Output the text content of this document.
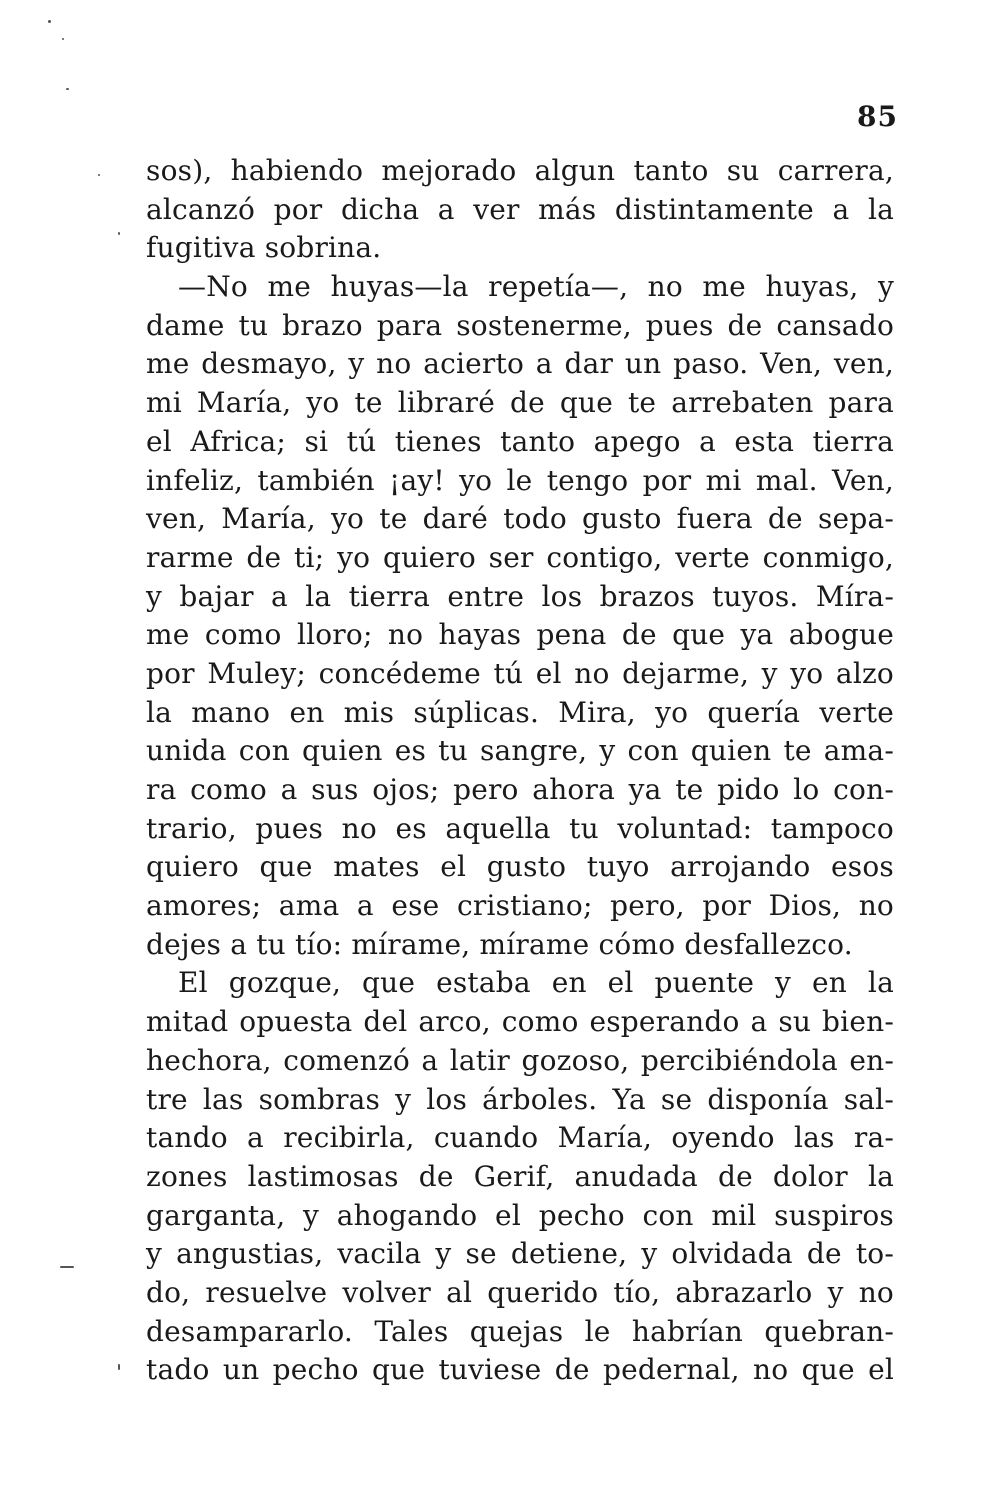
85
sos), habiendo mejorado algun tanto su carrera,
alcanzó por dicha a ver más distintamente a la
fugitiva sobrina.
—No me huyas—la repetía—, no me huyas, y
dame tu brazo para sostenerme, pues de cansado
me desmayo, y no acierto a dar un paso. Ven, ven,
mi María, yo te libraré de que te arrebaten para
el Africa; si tú tienes tanto apego a esta tierra
infeliz, también ¡ay! yo le tengo por mi mal. Ven,
ven, María, yo te daré todo gusto fuera de sepa-
rarme de ti; yo quiero ser contigo, verte conmigo,
y bajar a la tierra entre los brazos tuyos. Míra-
me como lloro; no hayas pena de que ya abogue
por Muley; concédeme tú el no dejarme, y yo alzo
la mano en mis súplicas. Mira, yo quería verte
unida con quien es tu sangre, y con quien te ama-
ra como a sus ojos; pero ahora ya te pido lo con-
trario, pues no es aquella tu voluntad: tampoco
quiero que mates el gusto tuyo arrojando esos
amores; ama a ese cristiano; pero, por Dios, no
dejes a tu tío: mírame, mírame cómo desfallezco.
El gozque, que estaba en el puente y en la
mitad opuesta del arco, como esperando a su bien-
hechora, comenzó a latir gozoso, percibiéndola en-
tre las sombras y los árboles. Ya se disponía sal-
tando a recibirla, cuando María, oyendo las ra-
zones lastimosas de Gerif, anudada de dolor la
garganta, y ahogando el pecho con mil suspiros
y angustias, vacila y se detiene, y olvidada de to-
do, resuelve volver al querido tío, abrazarlo y no
desampararlo. Tales quejas le habrían quebran-
tado un pecho que tuviese de pedernal, no que el
